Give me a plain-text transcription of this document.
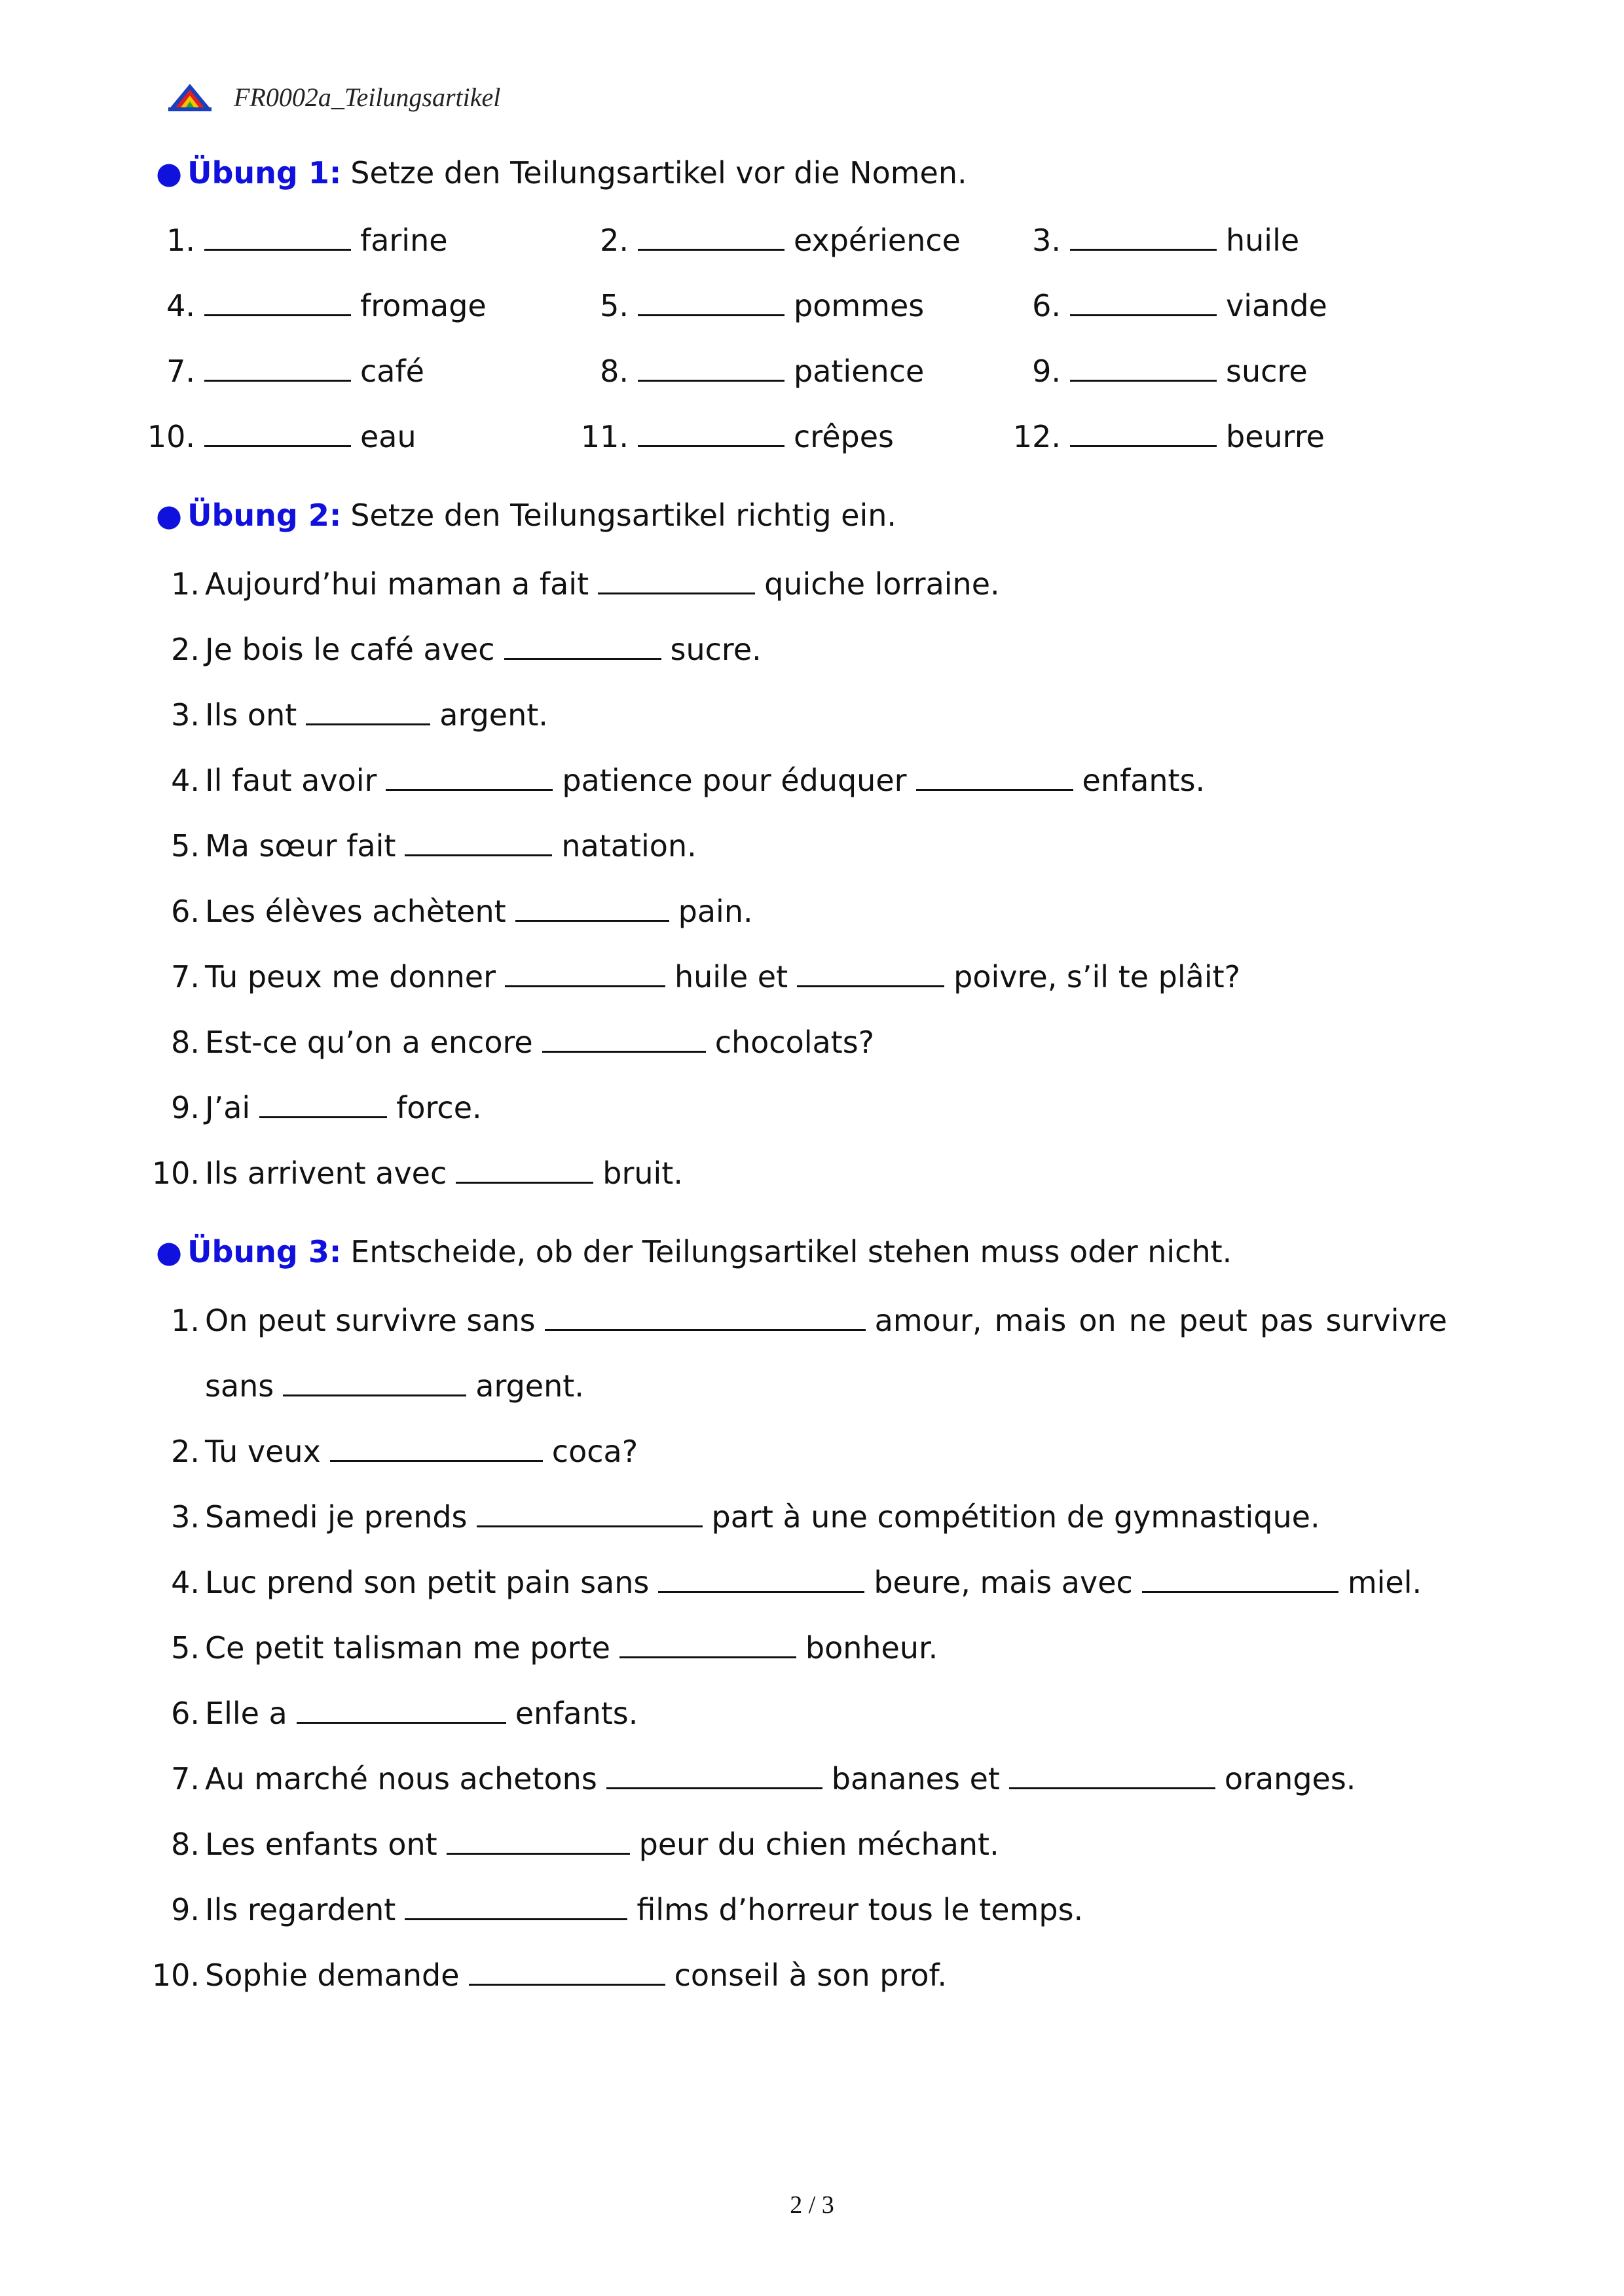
FR0002a_Teilungsartikel
● Übung 1: Setze den Teilungsartikel vor die Nomen.
1.	farine	2.	expérience	3.	huile
4.	fromage	5.	pommes	6.	viande
7.	café	8.	patience	9.	sucre
10.	eau	11.	crêpes	12.	beurre
● Übung 2: Setze den Teilungsartikel richtig ein.
1. Aujourd’hui maman a fait	quiche lorraine.
2. Je bois le café avec	sucre.
3. Ils ont	argent.
4. Il faut avoir	patience pour éduquer	enfants.
5. Ma sœur fait	natation.
6. Les élèves achètent	pain.
7. Tu peux me donner	huile et	poivre, s’il te plâit?
8. Est-ce qu’on a encore	chocolats?
9. J’ai	force.
10. Ils arrivent avec	bruit.
● Übung 3: Entscheide, ob der Teilungsartikel stehen muss oder nicht.
1. On peut survivre sans	amour, mais on ne peut pas survivre
sans	argent.
2. Tu veux	coca?
3. Samedi je prends	part à une compétition de gymnastique.
4. Luc prend son petit pain sans	beure, mais avec	miel.
5. Ce petit talisman me porte	bonheur.
6. Elle a	enfants.
7. Au marché nous achetons	bananes et	oranges.
8. Les enfants ont	peur du chien méchant.
9. Ils regardent	films d’horreur tous le temps.
10. Sophie demande	conseil à son prof.
2 / 3
